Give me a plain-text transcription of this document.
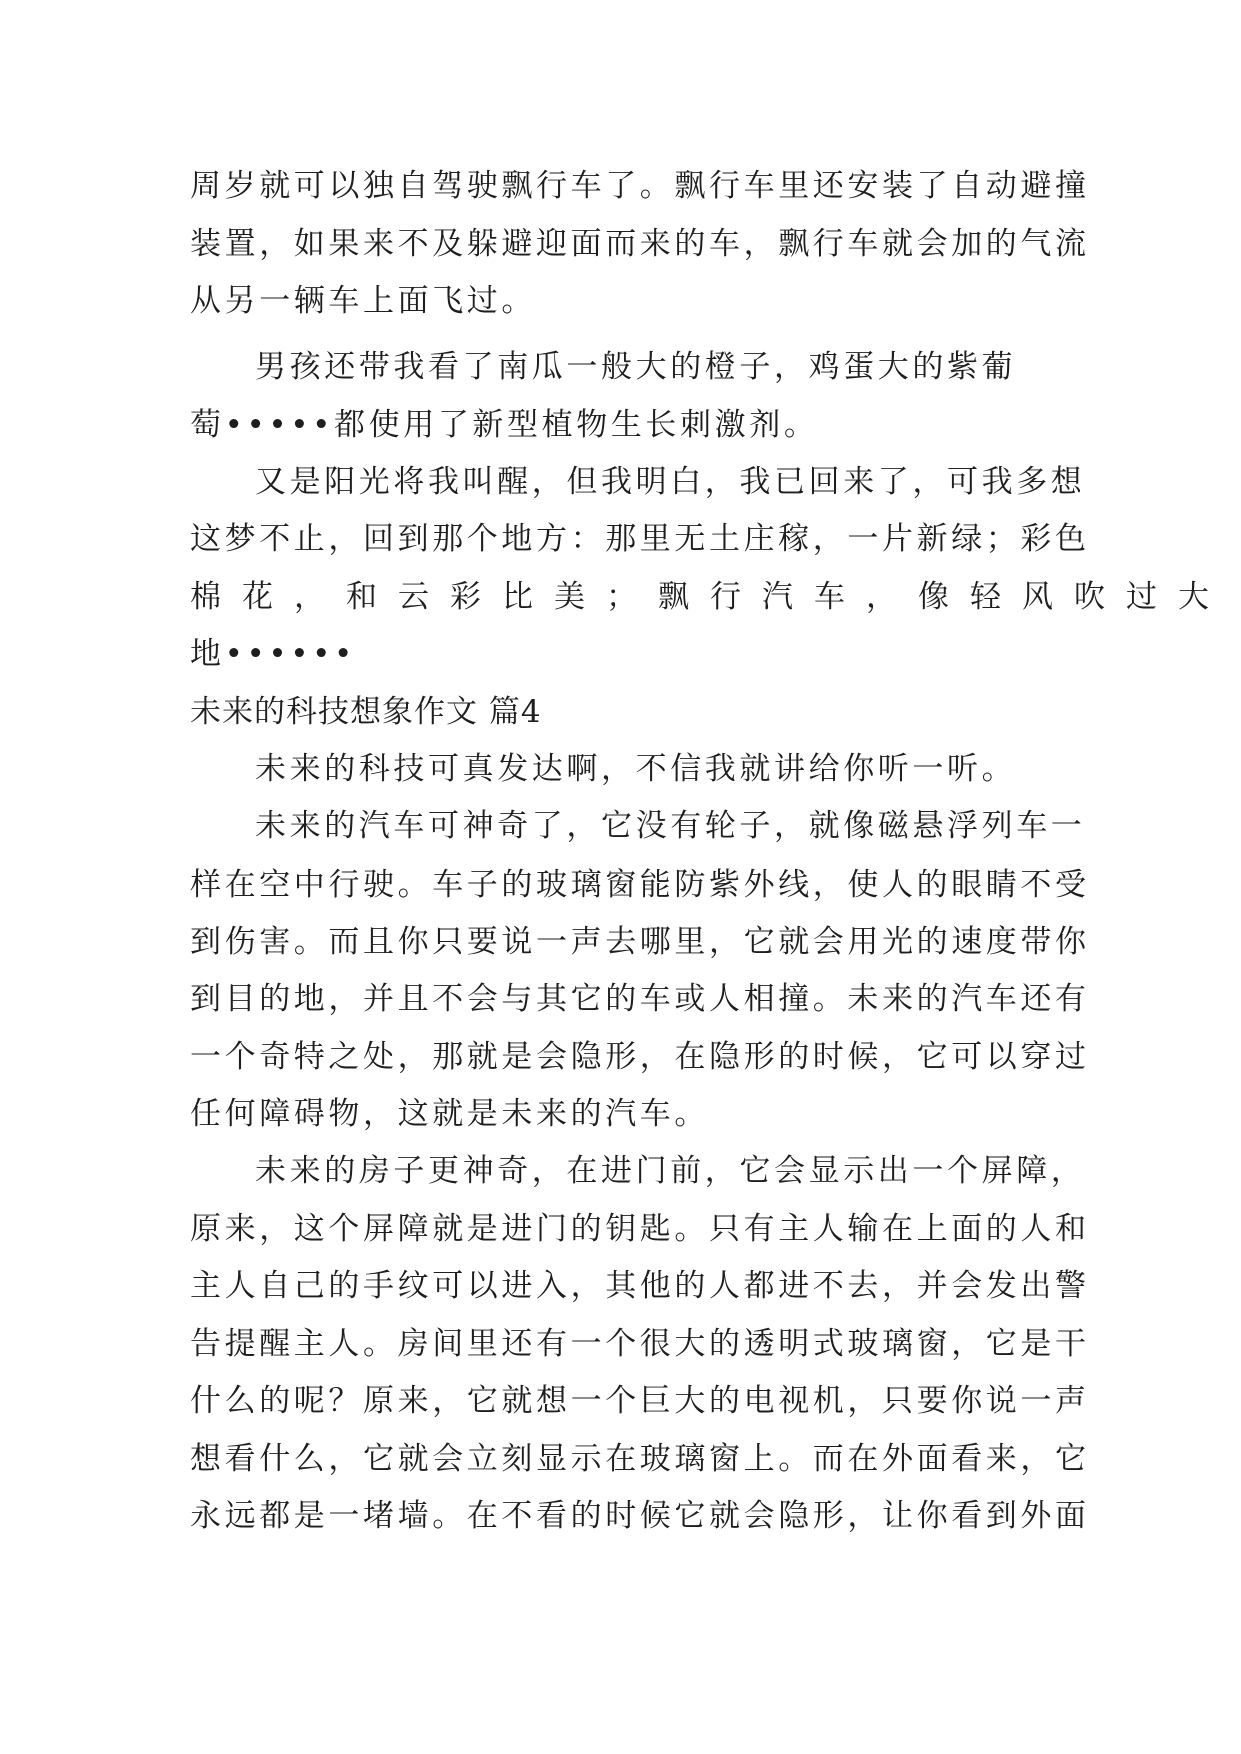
周岁就可以独自驾驶飘行车了。飘行车里还安装了自动避撞
装置，如果来不及躲避迎面而来的车，飘行车就会加的气流
从另一辆车上面飞过。
男孩还带我看了南瓜一般大的橙子，鸡蛋大的紫葡
萄•••••都使用了新型植物生长刺激剂。
又是阳光将我叫醒，但我明白，我已回来了，可我多想
这梦不止，回到那个地方：那里无土庄稼，一片新绿；彩色
棉花，和云彩比美；飘行汽车，像轻风吹过大
地••••••
未来的科技想象作文 篇4
未来的科技可真发达啊，不信我就讲给你听一听。
未来的汽车可神奇了，它没有轮子，就像磁悬浮列车一
样在空中行驶。车子的玻璃窗能防紫外线，使人的眼睛不受
到伤害。而且你只要说一声去哪里，它就会用光的速度带你
到目的地，并且不会与其它的车或人相撞。未来的汽车还有
一个奇特之处，那就是会隐形，在隐形的时候，它可以穿过
任何障碍物，这就是未来的汽车。
未来的房子更神奇，在进门前，它会显示出一个屏障，
原来，这个屏障就是进门的钥匙。只有主人输在上面的人和
主人自己的手纹可以进入，其他的人都进不去，并会发出警
告提醒主人。房间里还有一个很大的透明式玻璃窗，它是干
什么的呢？原来，它就想一个巨大的电视机，只要你说一声
想看什么，它就会立刻显示在玻璃窗上。而在外面看来，它
永远都是一堵墙。在不看的时候它就会隐形，让你看到外面
